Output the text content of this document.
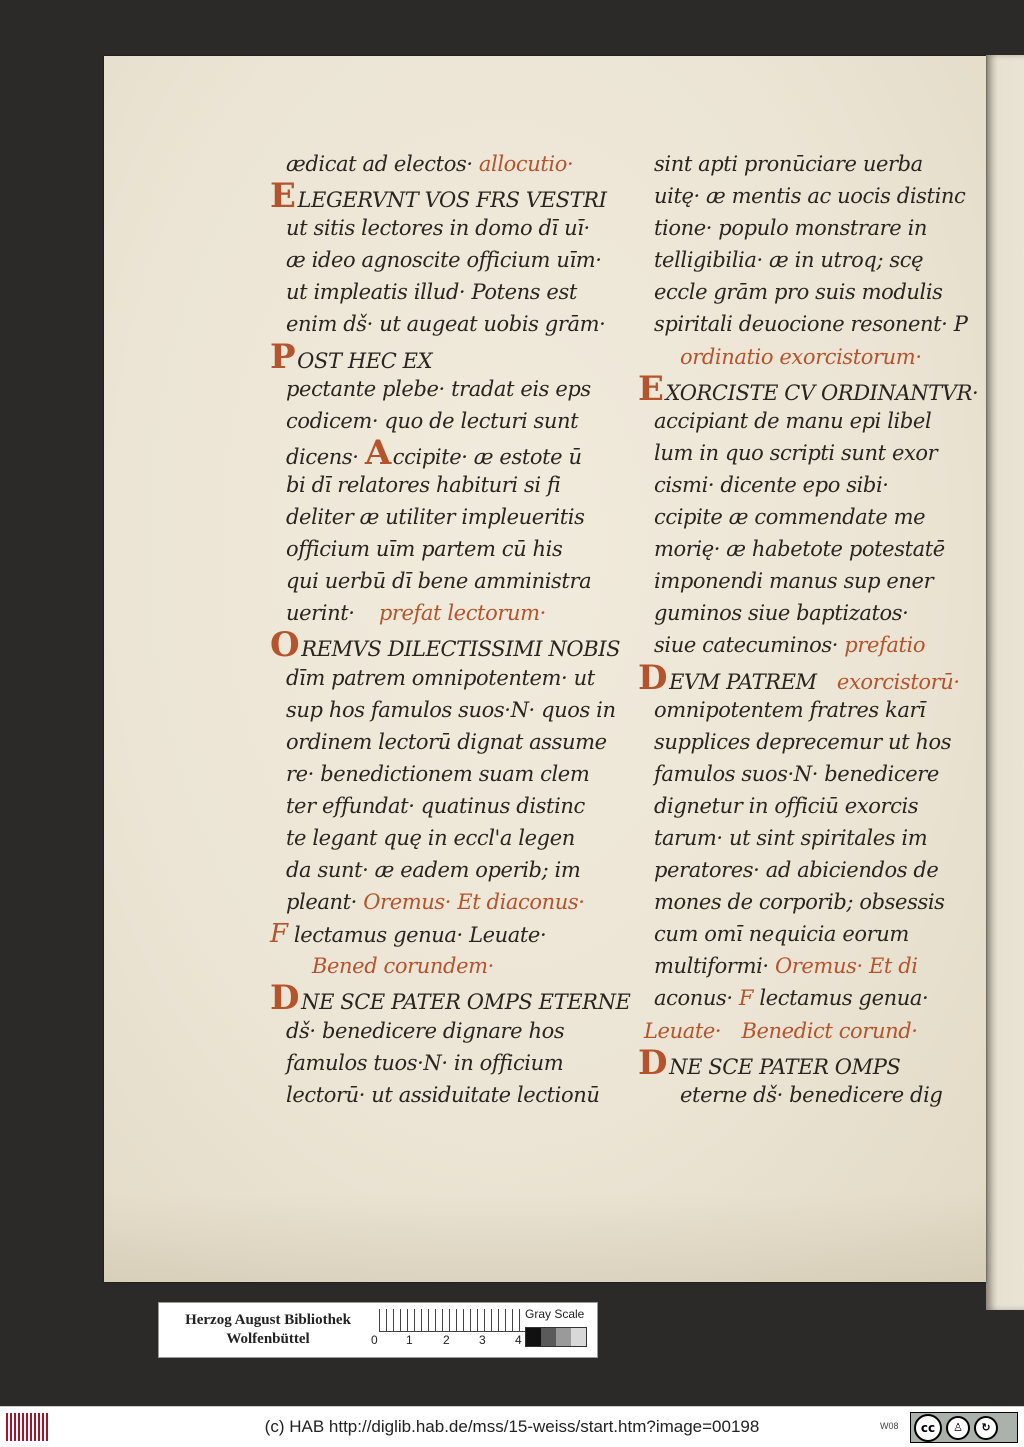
ædicat ad electos· allocutio·
ELEGERVNT VOS FRS VESTRI
ut sitis lectores in domo dī uī·
æ ideo agnoscite officium uīm·
ut impleatis illud· Potens est
enim dš· ut augeat uobis grām·
POST HEC EX
pectante plebe· tradat eis eps
codicem· quo de lecturi sunt
dicens· Accipite· æ estote ū
bi dī relatores habituri si fi
deliter æ utiliter impleueritis
officium uīm partem cū his
qui uerbū dī bene amministra
uerint· prefat lectorum·
OREMVS DILECTISSIMI NOBIS
dīm patrem omnipotentem· ut
sup hos famulos suos·N· quos in
ordinem lectorū dignat assume
re· benedictionem suam clem
ter effundat· quatinus distinc
te legant quę in eccl'a legen
da sunt· æ eadem operib; im
pleant· Oremus· Et diaconus·
F lectamus genua· Leuate·
Bened corundem·
DNE SCE PATER OMPS ETERNE
dš· benedicere dignare hos
famulos tuos·N· in officium
lectorū· ut assiduitate lectionū
sint apti pronūciare uerba
uitę· æ mentis ac uocis distinc
tione· populo monstrare in
telligibilia· æ in utroq; scę
eccle grām pro suis modulis
spiritali deuocione resonent· P
ordinatio exorcistorum·
EXORCISTE CV ORDINANTVR·
accipiant de manu epi libel
lum in quo scripti sunt exor
cismi· dicente epo sibi·
ccipite æ commendate me
morię· æ habetote potestatē
imponendi manus sup ener
guminos siue baptizatos·
siue catecuminos· prefatio
DEVM PATREM exorcistorū·
omnipotentem fratres karī
supplices deprecemur ut hos
famulos suos·N· benedicere
dignetur in officiū exorcis
tarum· ut sint spiritales im
peratores· ad abiciendos de
mones de corporib; obsessis
cum omī nequicia eorum
multiformi· Oremus· Et di
aconus· F lectamus genua·
Leuate· Benedict corund·
DNE SCE PATER OMPS
eterne dš· benedicere dig
Herzog August Bibliothek
Wolfenbüttel	0 1	2 3 4
Gray Scale
(c) HAB http://diglib.hab.de/mss/15-weiss/start.htm?image=00198	W08	cc	♙	↻
